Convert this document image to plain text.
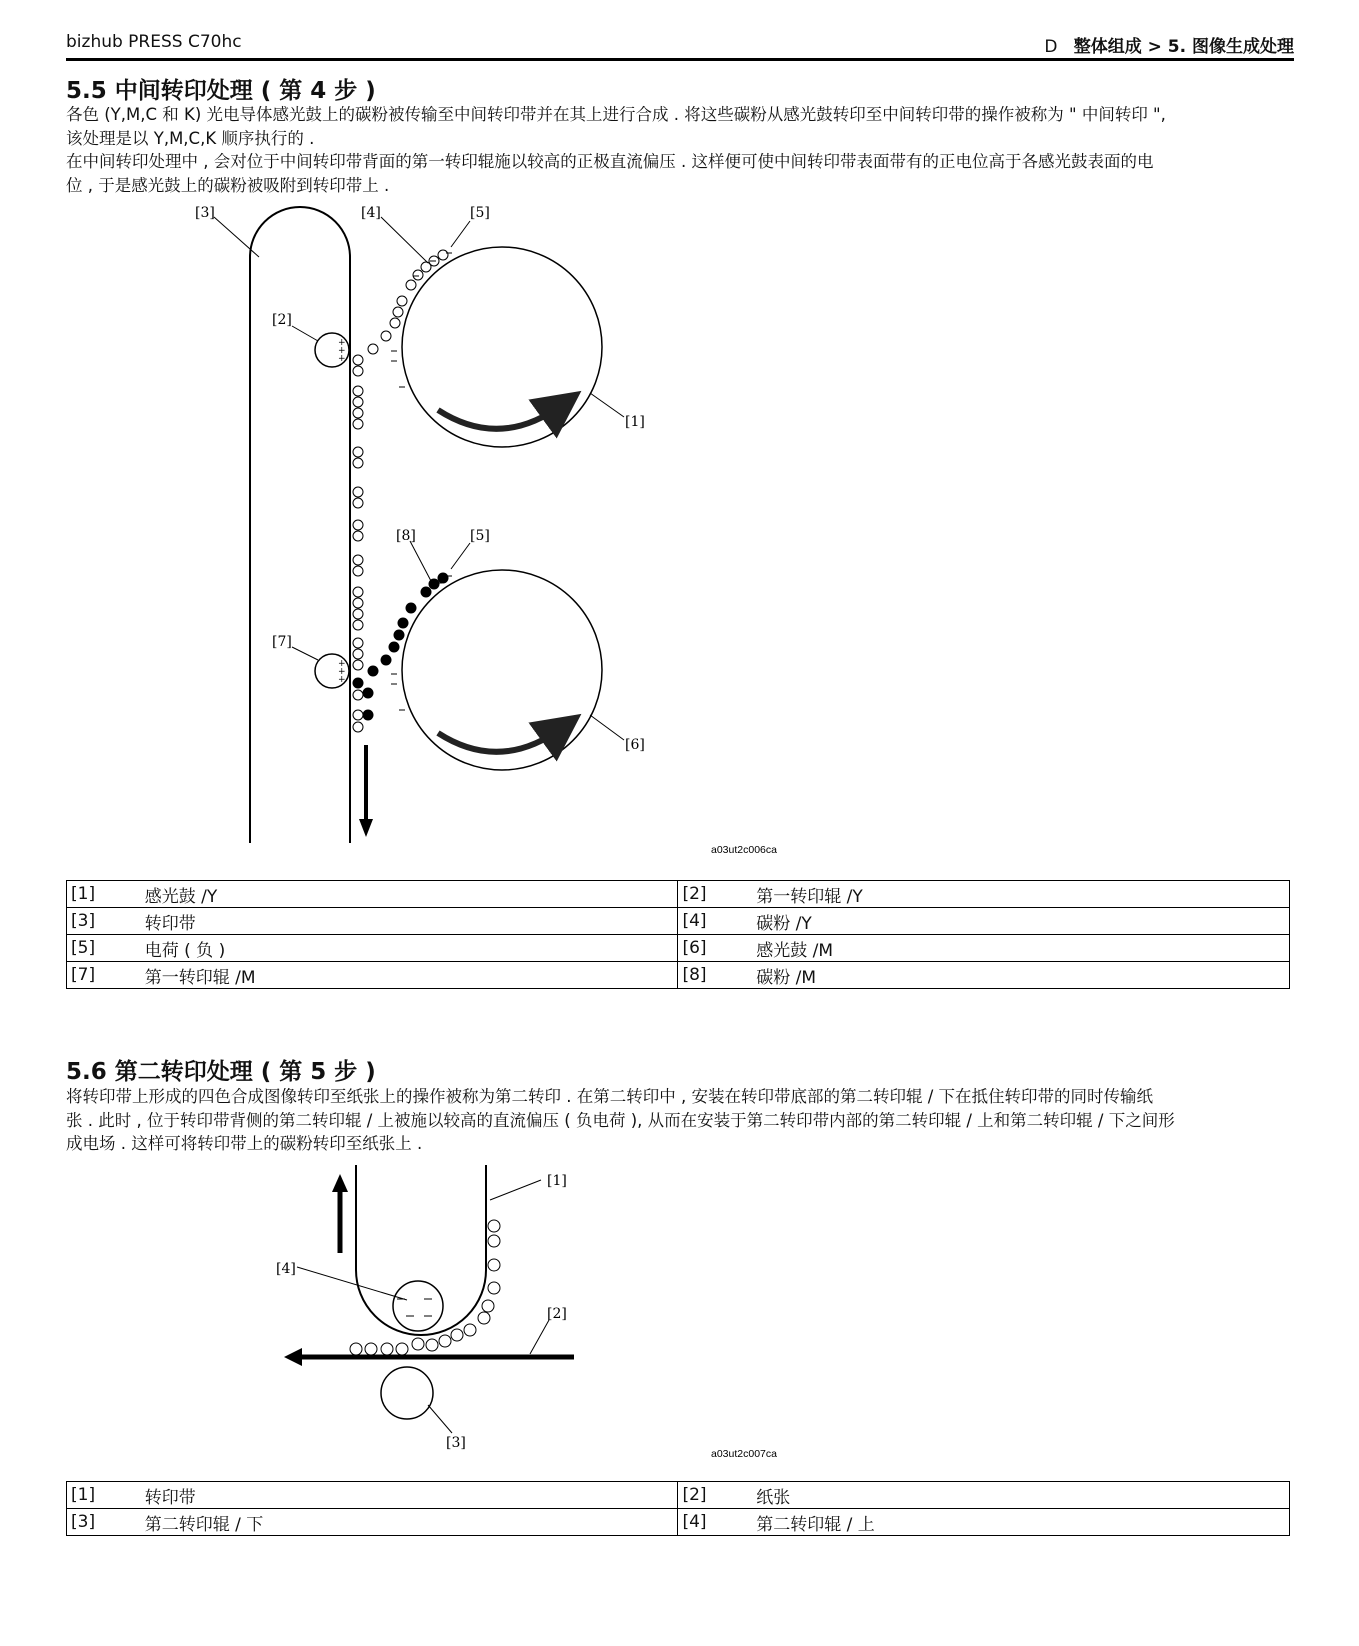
bizhub PRESS C70hc	D 整体组成 > 5. 图像生成处理
5.5 中间转印处理 ( 第 4 步 )

各色 (Y,M,C 和 K) 光电导体感光鼓上的碳粉被传输至中间转印带并在其上进行合成 . 将这些碳粉从感光鼓转印至中间转印带的操作被称为 " 中间转印 ",

该处理是以 Y,M,C,K 顺序执行的 .

在中间转印处理中 , 会对位于中间转印带背面的第一转印辊施以较高的正极直流偏压 . 这样便可使中间转印带表面带有的正电位高于各感光鼓表面的电

位 , 于是感光鼓上的碳粉被吸附到转印带上 .

+
+
+
+
+
+
[3]	[4]	[5]
[2]
[1]
[8]	[5]
[7]
[6]
a03ut2c006ca
[1]	感光鼓 /Y	[2]	第一转印辊 /Y
[3]	转印带	[4]	碳粉 /Y
[5]	电荷 ( 负 )	[6]	感光鼓 /M
[7]	第一转印辊 /M	[8]	碳粉 /M
5.6 第二转印处理 ( 第 5 步 )

将转印带上形成的四色合成图像转印至纸张上的操作被称为第二转印 . 在第二转印中 , 安装在转印带底部的第二转印辊 / 下在抵住转印带的同时传输纸

张 . 此时 , 位于转印带背侧的第二转印辊 / 上被施以较高的直流偏压 ( 负电荷 ), 从而在安装于第二转印带内部的第二转印辊 / 上和第二转印辊 / 下之间形

成电场 . 这样可将转印带上的碳粉转印至纸张上 .

[1]
[4]
[2]
[3]
a03ut2c007ca
[1]	转印带	[2]	纸张
[3]	第二转印辊 / 下	[4]	第二转印辊 / 上
